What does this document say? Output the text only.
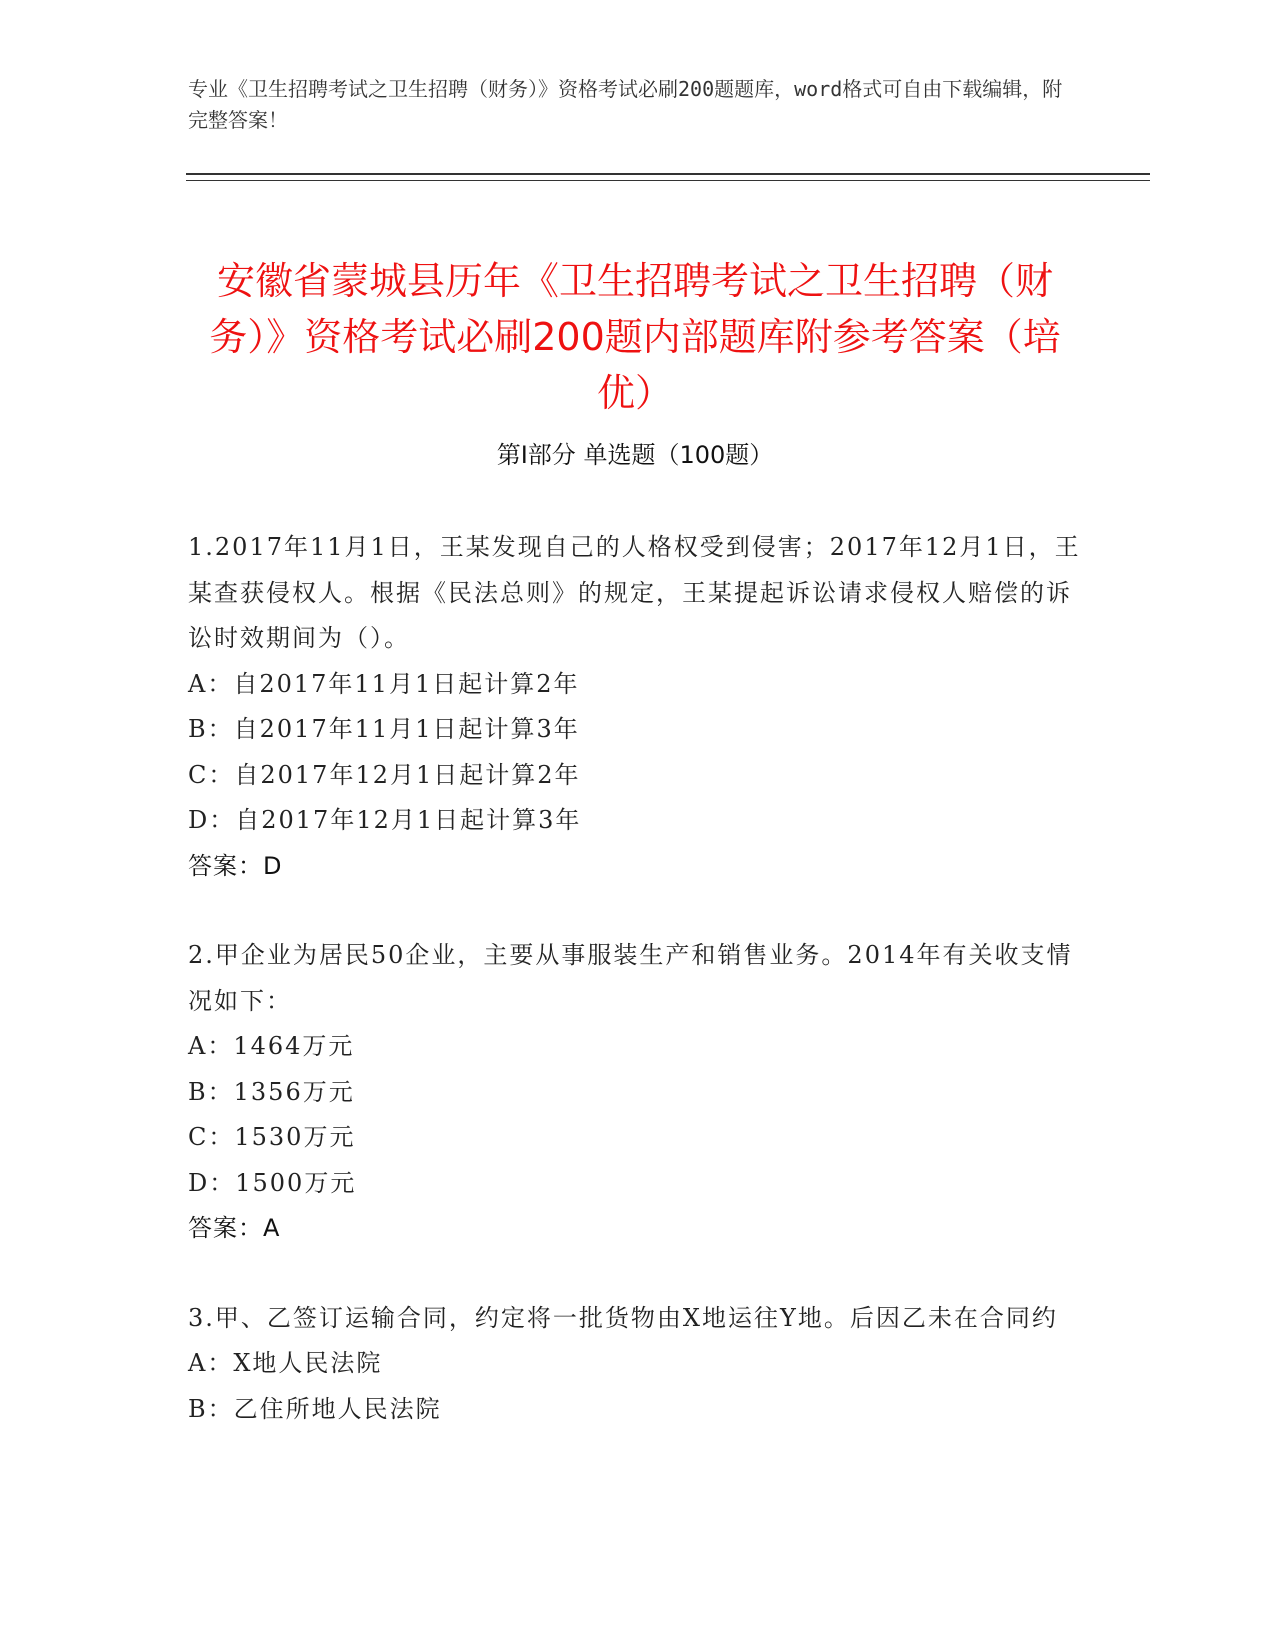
专业《卫生招聘考试之卫生招聘（财务）》资格考试必刷200题题库，word格式可自由下载编辑，附完整答案！
安徽省蒙城县历年《卫生招聘考试之卫生招聘（财务）》资格考试必刷200题内部题库附参考答案（培优）
第I部分 单选题（100题）
1.2017年11月1日，王某发现自己的人格权受到侵害；2017年12月1日，王某查获侵权人。根据《民法总则》的规定，王某提起诉讼请求侵权人赔偿的诉讼时效期间为（）。
A：自2017年11月1日起计算2年
B：自2017年11月1日起计算3年
C：自2017年12月1日起计算2年
D：自2017年12月1日起计算3年
答案：D
2.甲企业为居民50企业，主要从事服装生产和销售业务。2014年有关收支情况如下：
A：1464万元
B：1356万元
C：1530万元
D：1500万元
答案：A
3.甲、乙签订运输合同，约定将一批货物由X地运往Y地。后因乙未在合同约
A：X地人民法院
B：乙住所地人民法院
